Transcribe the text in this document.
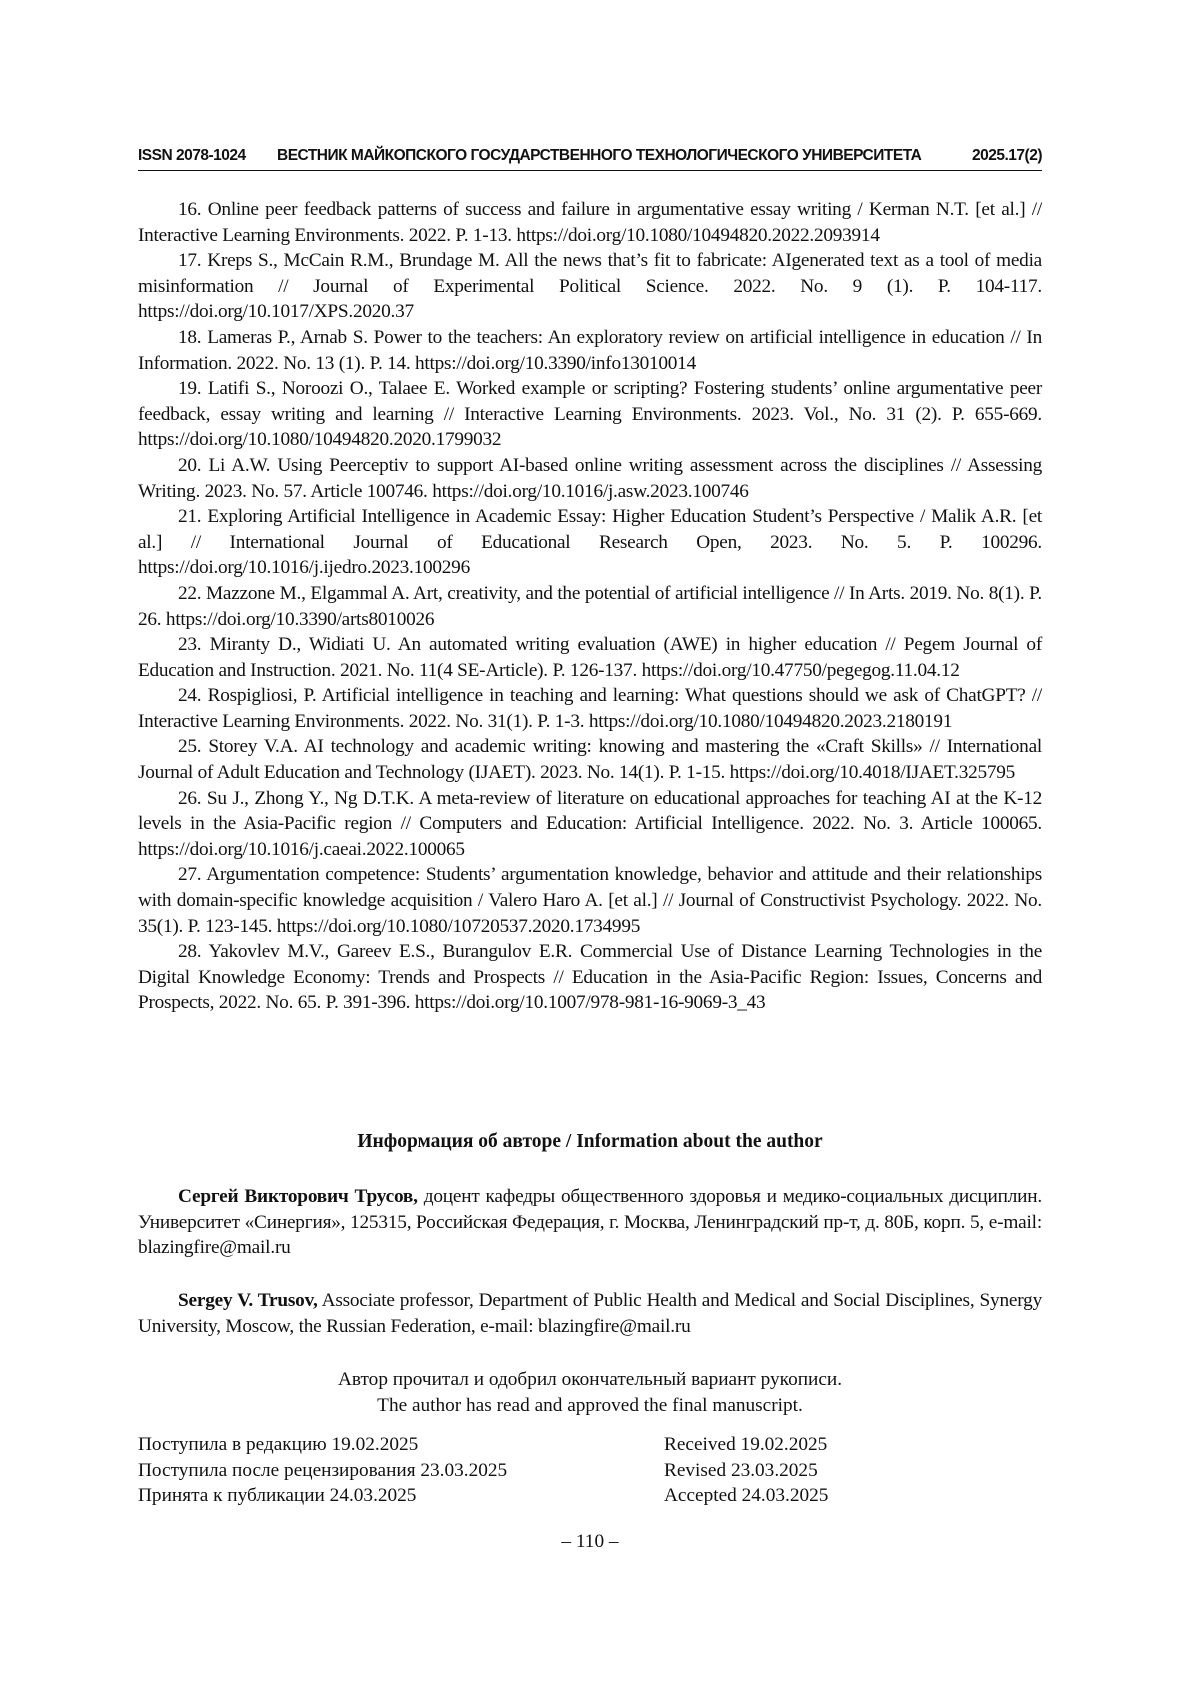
ISSN 2078-1024 ВЕСТНИК МАЙКОПСКОГО ГОСУДАРСТВЕННОГО ТЕХНОЛОГИЧЕСКОГО УНИВЕРСИТЕТА	2025.17(2)

16. Online peer feedback patterns of success and failure in argumentative essay writing / Kerman N.T. [et al.] // Interactive Learning Environments. 2022. P. 1-13. https://doi.org/10.1080/10494820.2022.2093914

17. Kreps S., McCain R.M., Brundage M. All the news that’s fit to fabricate: AIgenerated text as a tool of media misinformation // Journal of Experimental Political Science. 2022. No. 9 (1). P. 104-117. https://doi.org/10.1017/XPS.2020.37

18. Lameras P., Arnab S. Power to the teachers: An exploratory review on artificial intelligence in education // In Information. 2022. No. 13 (1). P. 14. https://doi.org/10.3390/info13010014

19. Latifi S., Noroozi O., Talaee E. Worked example or scripting? Fostering students’ online argumentative peer feedback, essay writing and learning // Interactive Learning Environments. 2023. Vol., No. 31 (2). P. 655-669. https://doi.org/10.1080/10494820.2020.1799032

20. Li A.W. Using Peerceptiv to support AI-based online writing assessment across the disciplines // Assessing Writing. 2023. No. 57. Article 100746. https://doi.org/10.1016/j.asw.2023.100746

21. Exploring Artificial Intelligence in Academic Essay: Higher Education Student’s Perspective / Malik A.R. [et al.] // International Journal of Educational Research Open, 2023. No. 5. P. 100296. https://doi.org/10.1016/j.ijedro.2023.100296

22. Mazzone M., Elgammal A. Art, creativity, and the potential of artificial intelligence // In Arts. 2019. No. 8(1). P. 26. https://doi.org/10.3390/arts8010026

23. Miranty D., Widiati U. An automated writing evaluation (AWE) in higher education // Pegem Journal of Education and Instruction. 2021. No. 11(4 SE-Article). P. 126-137. https://doi.org/10.47750/pegegog.11.04.12

24. Rospigliosi, P. Artificial intelligence in teaching and learning: What questions should we ask of ChatGPT? // Interactive Learning Environments. 2022. No. 31(1). P. 1-3. https://doi.org/10.1080/10494820.2023.2180191

25. Storey V.A. AI technology and academic writing: knowing and mastering the «Craft Skills» // International Journal of Adult Education and Technology (IJAET). 2023. No. 14(1). P. 1-15. https://doi.org/10.4018/IJAET.325795

26. Su J., Zhong Y., Ng D.T.K. A meta-review of literature on educational approaches for teaching AI at the K-12 levels in the Asia-Pacific region // Computers and Education: Artificial Intelligence. 2022. No. 3. Article 100065. https://doi.org/10.1016/j.caeai.2022.100065

27. Argumentation competence: Students’ argumentation knowledge, behavior and attitude and their relationships with domain-specific knowledge acquisition / Valero Haro A. [et al.] // Journal of Constructivist Psychology. 2022. No. 35(1). P. 123-145. https://doi.org/10.1080/10720537.2020.1734995

28. Yakovlev M.V., Gareev E.S., Burangulov E.R. Commercial Use of Distance Learning Technologies in the Digital Knowledge Economy: Trends and Prospects // Education in the Asia-Pacific Region: Issues, Concerns and Prospects, 2022. No. 65. P. 391-396. https://doi.org/10.1007/978-981-16-9069-3_43

Информация об авторе / Information about the author

Сергей Викторович Трусов, доцент кафедры общественного здоровья и медико-социальных дисциплин. Университет «Синергия», 125315, Российская Федерация, г. Москва, Ленинградский пр-т, д. 80Б, корп. 5, e-mail: blazingfire@mail.ru

Sergey V. Trusov, Associate professor, Department of Public Health and Medical and Social Disciplines, Synergy University, Moscow, the Russian Federation, e-mail: blazingfire@mail.ru

Автор прочитал и одобрил окончательный вариант рукописи.
The author has read and approved the final manuscript.
Поступила в редакцию 19.02.2025	Received 19.02.2025
Поступила после рецензирования 23.03.2025	Revised 23.03.2025
Принята к публикации 24.03.2025	Accepted 24.03.2025

– 110 –
